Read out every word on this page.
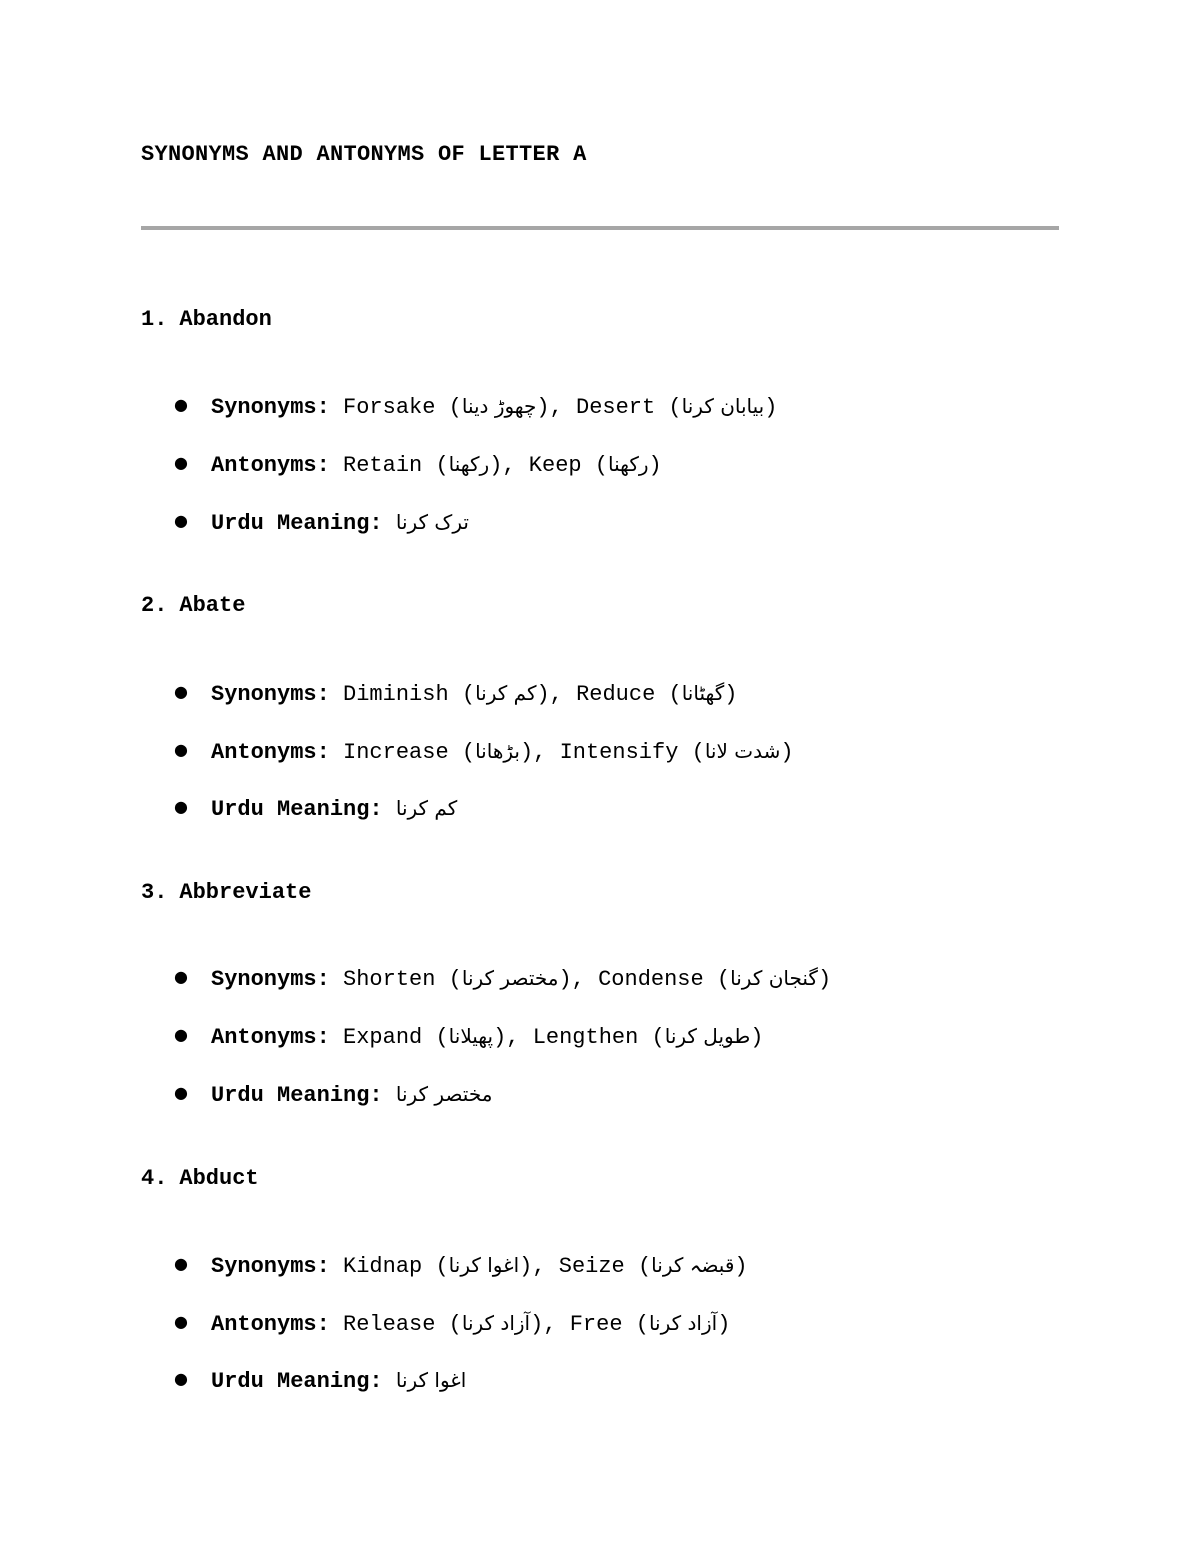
SYNONYMS AND ANTONYMS OF LETTER A
1. Abandon
● Synonyms: Forsake (چھوڑ دینا), Desert (بیابان کرنا)
● Antonyms: Retain (رکھنا), Keep (رکھنا)
● Urdu Meaning: ترک کرنا
2. Abate
● Synonyms: Diminish (کم کرنا), Reduce (گھٹانا)
● Antonyms: Increase (بڑھانا), Intensify (شدت لانا)
● Urdu Meaning: کم کرنا
3. Abbreviate
● Synonyms: Shorten (مختصر کرنا), Condense (گنجان کرنا)
● Antonyms: Expand (پھیلانا), Lengthen (طویل کرنا)
● Urdu Meaning: مختصر کرنا
4. Abduct
● Synonyms: Kidnap (اغوا کرنا), Seize (قبضہ کرنا)
● Antonyms: Release (آزاد کرنا), Free (آزاد کرنا)
● Urdu Meaning: اغوا کرنا
